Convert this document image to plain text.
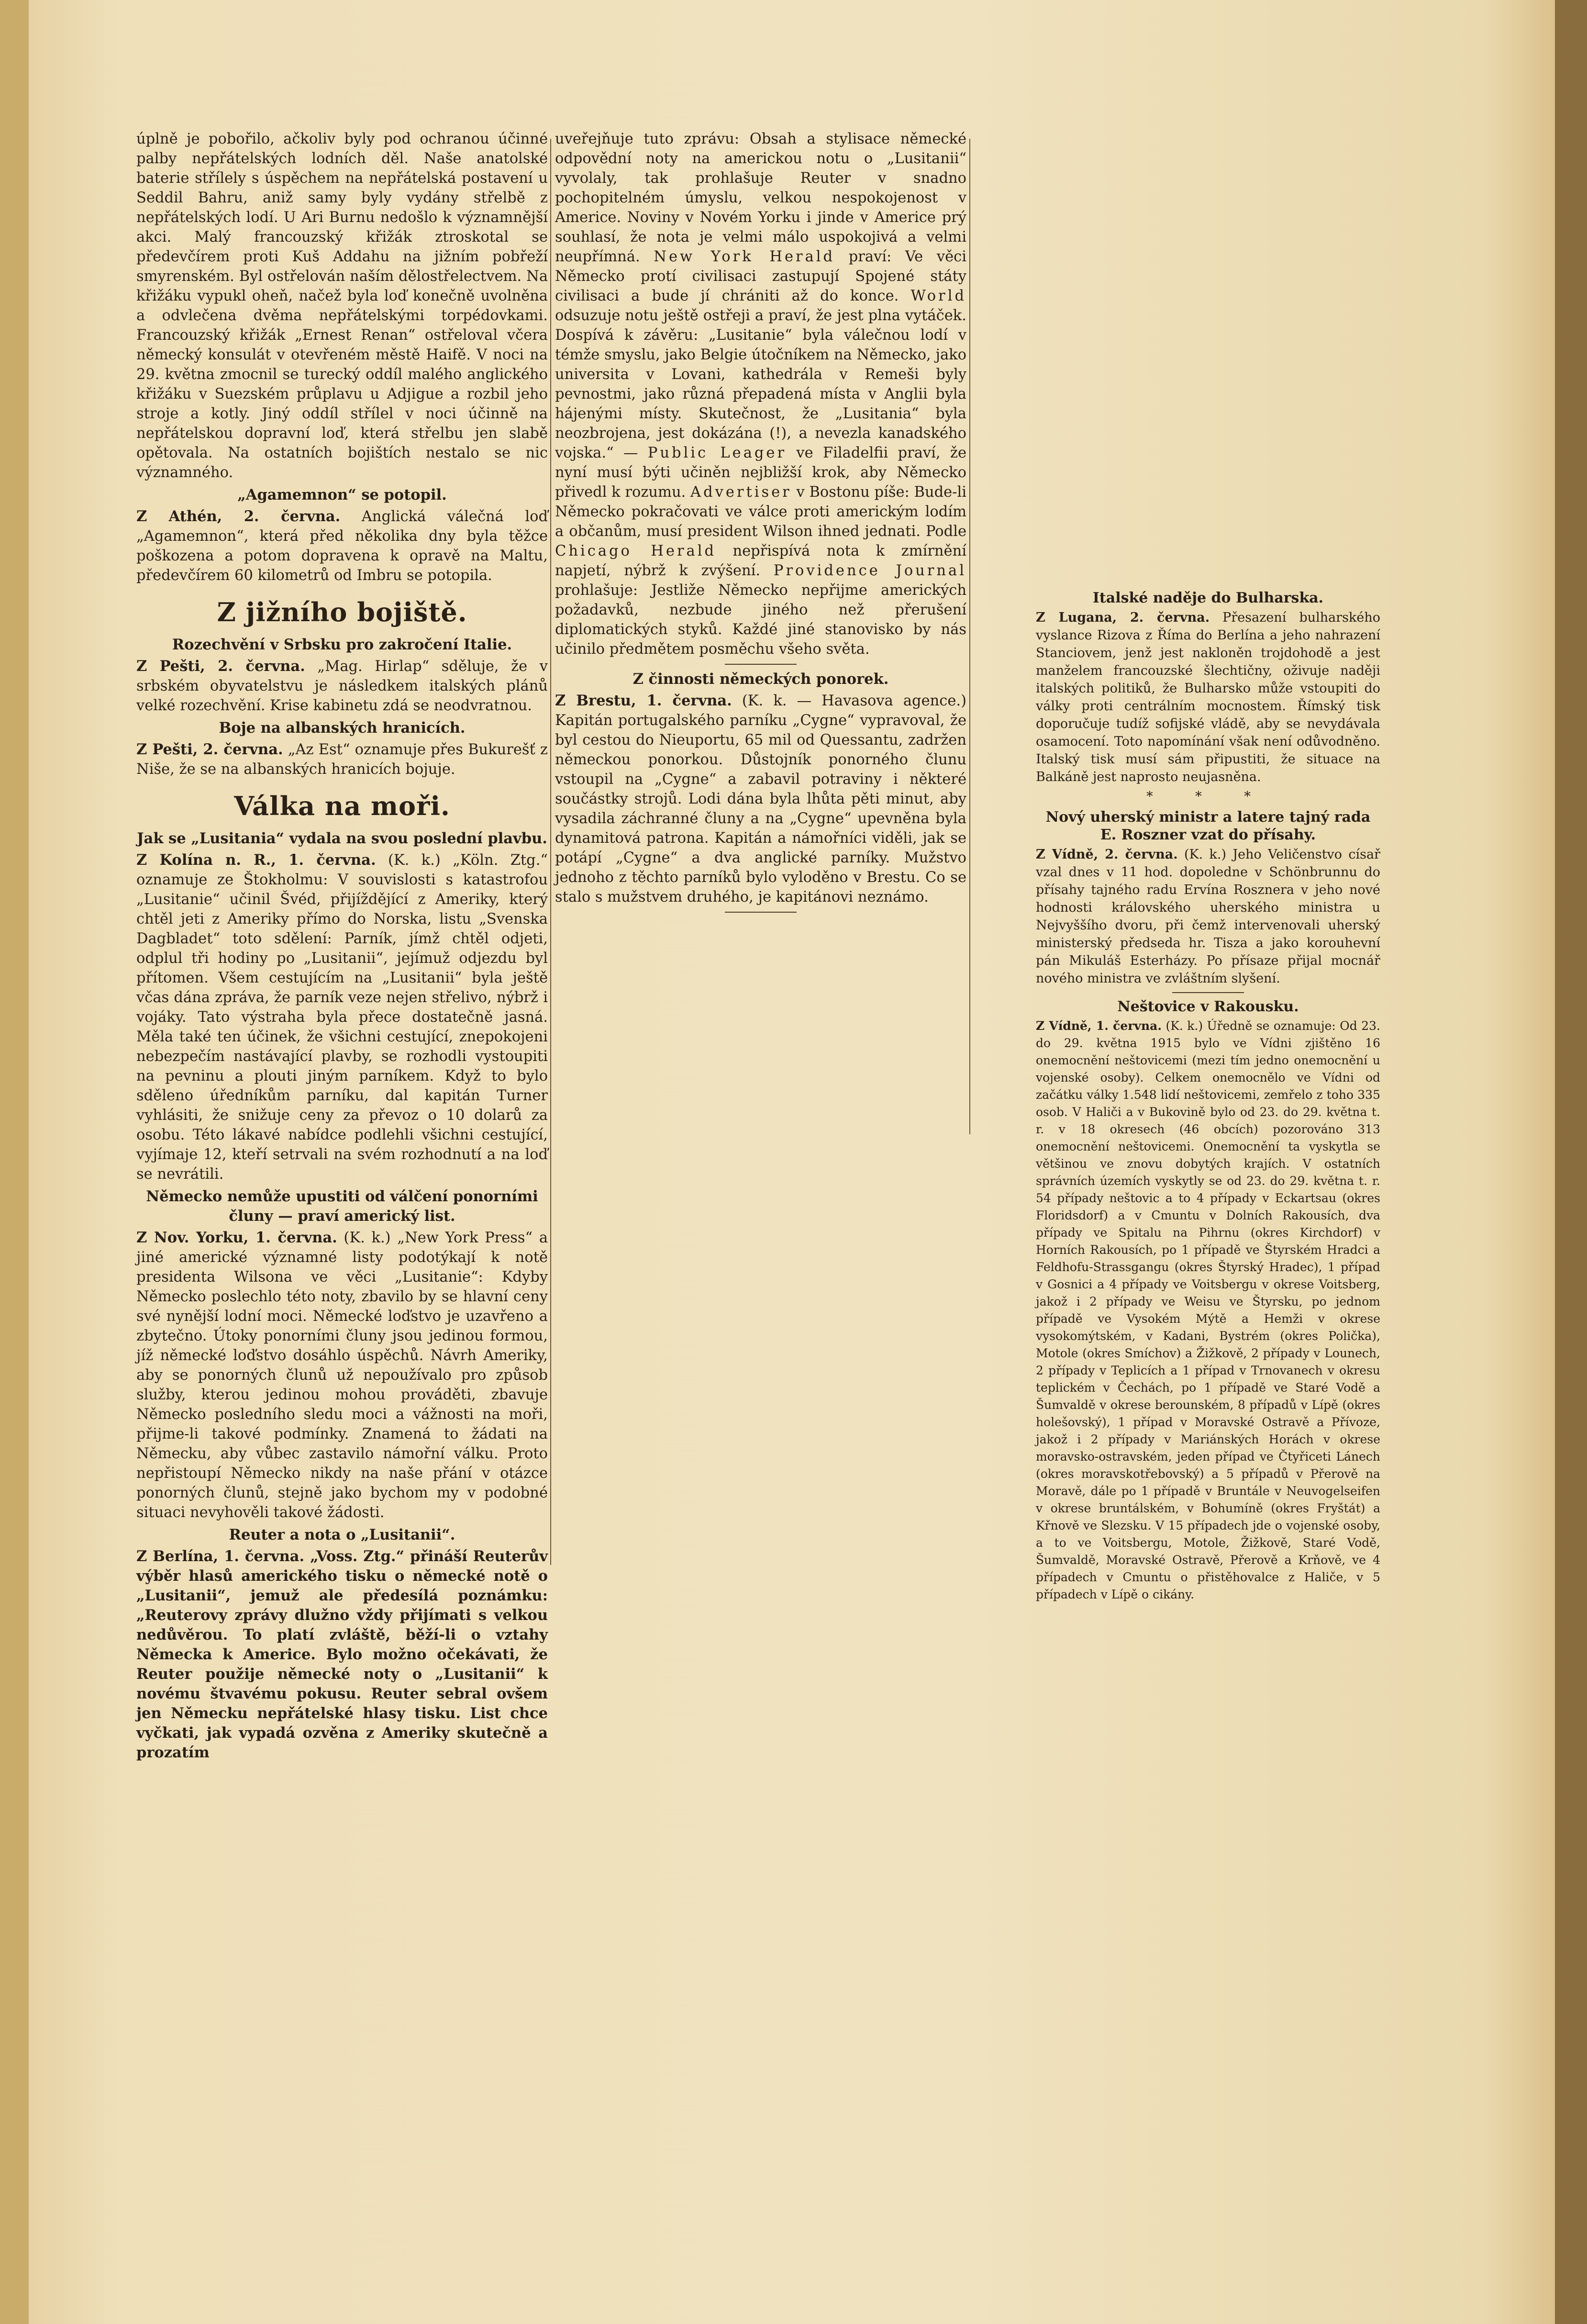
úplně je pobořilo, ačkoliv byly pod ochranou účinné palby nepřátelských lodních děl. Naše anatolské baterie střílely s úspěchem na nepřátelská postavení u Seddil Bahru, aniž samy byly vydány střelbě z nepřátelských lodí. U Ari Burnu nedošlo k významnější akci. Malý francouzský křižák ztroskotal se předevčírem proti Kuš Addahu na jižním pobřeží smyrenském. Byl ostřelován naším dělostřelectvem. Na křižáku vypukl oheň, načež byla loď konečně uvolněna a odvlečena dvěma nepřátelskými torpédovkami. Francouzský křižák „Ernest Renan“ ostřeloval včera německý konsulát v otevřeném městě Haifě. V noci na 29. května zmocnil se turecký oddíl malého anglického křižáku v Suezském průplavu u Adjigue a rozbil jeho stroje a kotly. Jiný oddíl střílel v noci účinně na nepřátelskou dopravní loď, která střelbu jen slabě opětovala. Na ostatních bojištích nestalo se nic významného.

„Agamemnon“ se potopil.

Z Athén, 2. června. Anglická válečná loď „Agamemnon“, která před několika dny byla těžce poškozena a potom dopravena k opravě na Maltu, předevčírem 60 kilometrů od Imbru se potopila.

Z jižního bojiště.

Rozechvění v Srbsku pro zakročení Italie.

Z Pešti, 2. června. „Mag. Hirlap“ sděluje, že v srbském obyvatelstvu je následkem italských plánů velké rozechvění. Krise kabinetu zdá se neodvratnou.

Boje na albanských hranicích.

Z Pešti, 2. června. „Az Est“ oznamuje přes Bukurešť z Niše, že se na albanských hranicích bojuje.

Válka na moři.

Jak se „Lusitania“ vydala na svou poslední plavbu.

Z Kolína n. R., 1. června. (K. k.) „Köln. Ztg.“ oznamuje ze Štokholmu: V souvislosti s katastrofou „Lusitanie“ učinil Švéd, přijíždějící z Ameriky, který chtěl jeti z Ameriky přímo do Norska, listu „Svenska Dagbladet“ toto sdělení: Parník, jímž chtěl odjeti, odplul tři hodiny po „Lusitanii“, jejímuž odjezdu byl přítomen. Všem cestujícím na „Lusitanii“ byla ještě včas dána zpráva, že parník veze nejen střelivo, nýbrž i vojáky. Tato výstraha byla přece dostatečně jasná. Měla také ten účinek, že všichni cestující, znepokojeni nebezpečím nastávající plavby, se rozhodli vystoupiti na pevninu a plouti jiným parníkem. Když to bylo sděleno úředníkům parníku, dal kapitán Turner vyhlásiti, že snižuje ceny za převoz o 10 dolarů za osobu. Této lákavé nabídce podlehli všichni cestující, vyjímaje 12, kteří setrvali na svém rozhodnutí a na loď se nevrátili.

Německo nemůže upustiti od válčení ponorními čluny — praví americký list.

Z Nov. Yorku, 1. června. (K. k.) „New York Press“ a jiné americké významné listy podotýkají k notě presidenta Wilsona ve věci „Lusitanie“: Kdyby Německo poslechlo této noty, zbavilo by se hlavní ceny své nynější lodní moci. Německé loďstvo je uzavřeno a zbytečno. Útoky ponorními čluny jsou jedinou formou, jíž německé loďstvo dosáhlo úspěchů. Návrh Ameriky, aby se ponorných člunů už nepoužívalo pro způsob služby, kterou jedinou mohou prováděti, zbavuje Německo posledního sledu moci a vážnosti na moři, přijme-li takové podmínky. Znamená to žádati na Německu, aby vůbec zastavilo námořní válku. Proto nepřistoupí Německo nikdy na naše přání v otázce ponorných člunů, stejně jako bychom my v podobné situaci nevyhověli takové žádosti.

Reuter a nota o „Lusitanii“.

Z Berlína, 1. června. „Voss. Ztg.“ přináší Reuterův výběr hlasů amerického tisku o německé notě o „Lusitanii“, jemuž ale předesílá poznámku: „Reuterovy zprávy dlužno vždy přijímati s velkou nedůvěrou. To platí zvláště, běží-li o vztahy Německa k Americe. Bylo možno očekávati, že Reuter použije německé noty o „Lusitanii“ k novému štvavému pokusu. Reuter sebral ovšem jen Německu nepřátelské hlasy tisku. List chce vyčkati, jak vypadá ozvěna z Ameriky skutečně a prozatím

uveřejňuje tuto zprávu: Obsah a stylisace německé odpovědní noty na americkou notu o „Lusitanii“ vyvolaly, tak prohlašuje Reuter v snadno pochopitelném úmyslu, velkou nespokojenost v Americe. Noviny v Novém Yorku i jinde v Americe prý souhlasí, že nota je velmi málo uspokojivá a velmi neupřímná. New York Herald praví: Ve věci Německo protí civilisaci zastupují Spojené státy civilisaci a bude jí chrániti až do konce. World odsuzuje notu ještě ostřeji a praví, že jest plna vytáček. Dospívá k závěru: „Lusitanie“ byla válečnou lodí v témže smyslu, jako Belgie útočníkem na Německo, jako universita v Lovani, kathedrála v Remeši byly pevnostmi, jako různá přepadená místa v Anglii byla hájenými místy. Skutečnost, že „Lusitania“ byla neozbrojena, jest dokázána (!), a nevezla kanadského vojska.“ — Public Leager ve Filadelfii praví, že nyní musí býti učiněn nejbližší krok, aby Německo přivedl k rozumu. Advertiser v Bostonu píše: Bude-li Německo pokračovati ve válce proti americkým lodím a občanům, musí president Wilson ihned jednati. Podle Chicago Herald nepřispívá nota k zmírnění napjetí, nýbrž k zvýšení. Providence Journal prohlašuje: Jestliže Německo nepřijme amerických požadavků, nezbude jiného než přerušení diplomatických styků. Každé jiné stanovisko by nás učinilo předmětem posměchu všeho světa.

Z činnosti německých ponorek.

Z Brestu, 1. června. (K. k. — Havasova agence.) Kapitán portugalského parníku „Cygne“ vypravoval, že byl cestou do Nieuportu, 65 mil od Quessantu, zadržen německou ponorkou. Důstojník ponorného člunu vstoupil na „Cygne“ a zabavil potraviny i některé součástky strojů. Lodi dána byla lhůta pěti minut, aby vysadila záchranné čluny a na „Cygne“ upevněna byla dynamitová patrona. Kapitán a námořníci viděli, jak se potápí „Cygne“ a dva anglické parníky. Mužstvo jednoho z těchto parníků bylo vyloděno v Brestu. Co se stalo s mužstvem druhého, je kapitánovi neznámo.

Italské naděje do Bulharska.

Z Lugana, 2. června. Přesazení bulharského vyslance Rizova z Říma do Berlína a jeho nahrazení Stanciovem, jenž jest nakloněn trojdohodě a jest manželem francouzské šlechtičny, oživuje naději italských politiků, že Bulharsko může vstoupiti do války proti centrálním mocnostem. Římský tisk doporučuje tudíž sofijské vládě, aby se nevydávala osamocení. Toto napomínání však není odůvodněno. Italský tisk musí sám připustiti, že situace na Balkáně jest naprosto neujasněna.

* * *

Nový uherský ministr a latere tajný rada E. Roszner vzat do přísahy.

Z Vídně, 2. června. (K. k.) Jeho Veličenstvo císař vzal dnes v 11 hod. dopoledne v Schönbrunnu do přísahy tajného radu Ervína Rosznera v jeho nové hodnosti královského uherského ministra u Nejvyššího dvoru, při čemž intervenovali uherský ministerský předseda hr. Tisza a jako korouhevní pán Mikuláš Esterházy. Po přísaze přijal mocnář nového ministra ve zvláštním slyšení.

Neštovice v Rakousku.

Z Vídně, 1. června. (K. k.) Úředně se oznamuje: Od 23. do 29. května 1915 bylo ve Vídni zjištěno 16 onemocnění neštovicemi (mezi tím jedno onemocnění u vojenské osoby). Celkem onemocnělo ve Vídni od začátku války 1.548 lidí neštovicemi, zemřelo z toho 335 osob. V Haliči a v Bukovině bylo od 23. do 29. května t. r. v 18 okresech (46 obcích) pozorováno 313 onemocnění neštovicemi. Onemocnění ta vyskytla se většinou ve znovu dobytých krajích. V ostatních správních územích vyskytly se od 23. do 29. května t. r. 54 případy neštovic a to 4 případy v Eckartsau (okres Floridsdorf) a v Cmuntu v Dolních Rakousích, dva případy ve Spitalu na Pihrnu (okres Kirchdorf) v Horních Rakousích, po 1 případě ve Štyrském Hradci a Feldhofu-Strassgangu (okres Štyrský Hradec), 1 případ v Gosnici a 4 případy ve Voitsbergu v okrese Voitsberg, jakož i 2 případy ve Weisu ve Štyrsku, po jednom případě ve Vysokém Mýtě a Hemži v okrese vysokomýtském, v Kadani, Bystrém (okres Polička), Motole (okres Smíchov) a Žižkově, 2 případy v Lounech, 2 případy v Teplicích a 1 případ v Trnovanech v okresu teplickém v Čechách, po 1 případě ve Staré Vodě a Šumvaldě v okrese berounském, 8 případů v Lípě (okres holešovský), 1 případ v Moravské Ostravě a Přívoze, jakož i 2 případy v Mariánských Horách v okrese moravsko-ostravském, jeden případ ve Čtyřiceti Lánech (okres moravskotřebovský) a 5 případů v Přerově na Moravě, dále po 1 případě v Bruntále v Neuvogelseifen v okrese bruntálském, v Bohumíně (okres Fryštát) a Křnově ve Slezsku. V 15 případech jde o vojenské osoby, a to ve Voitsbergu, Motole, Žižkově, Staré Vodě, Šumvaldě, Moravské Ostravě, Přerově a Krňově, ve 4 případech v Cmuntu o přistěhovalce z Haliče, v 5 případech v Lípě o cikány.
